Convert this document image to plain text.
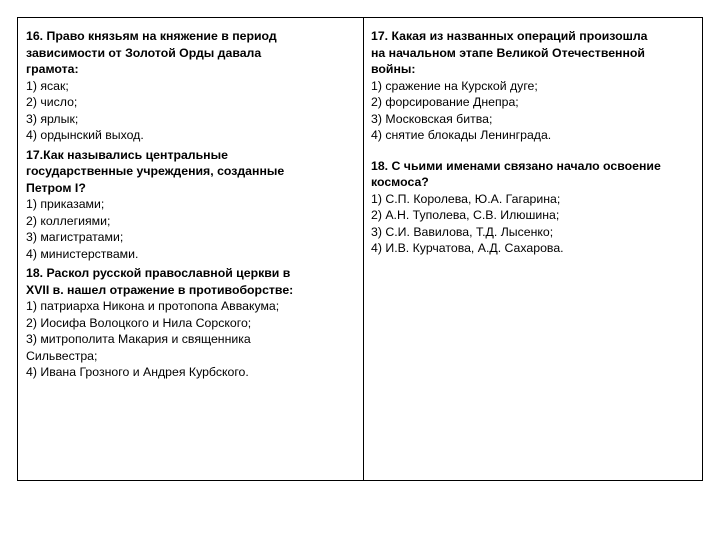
16. Право князьям на княжение в период

зависимости от Золотой Орды давала

грамота:

1) ясак;

2) число;

3) ярлык;

4) ордынский выход.

17.Как назывались центральные

государственные учреждения, созданные

Петром I?

1) приказами;

2) коллегиями;

3) магистратами;

4) министерствами.

18. Раскол русской православной церкви в

XVII в. нашел отражение в противоборстве:

1) патриарха Никона и протопопа Аввакума;

2) Иосифа Волоцкого и Нила Сорского;

3) митрополита Макария и священника

Сильвестра;

4) Ивана Грозного и Андрея Курбского.

17. Какая из названных операций произошла

на начальном этапе Великой Отечественной

войны:

1) сражение на Курской дуге;

2) форсирование Днепра;

3) Московская битва;

4) снятие блокады Ленинграда.

18. С чьими именами связано начало освоение

космоса?

1) С.П. Королева, Ю.А. Гагарина;

2) А.Н. Туполева, С.В. Илюшина;

3) С.И. Вавилова, Т.Д. Лысенко;

4) И.В. Курчатова, А.Д. Сахарова.
